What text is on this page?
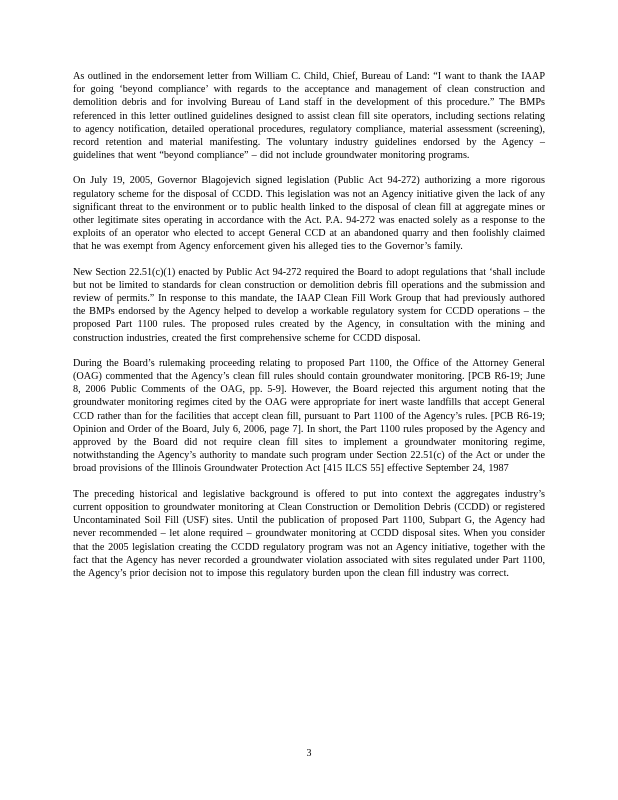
As outlined in the endorsement letter from William C. Child, Chief, Bureau of Land: “I want to thank the IAAP for going ‘beyond compliance’ with regards to the acceptance and management of clean construction and demolition debris and for involving Bureau of Land staff in the development of this procedure.” The BMPs referenced in this letter outlined guidelines designed to assist clean fill site operators, including sections relating to agency notification, detailed operational procedures, regulatory compliance, material assessment (screening), record retention and material manifesting. The voluntary industry guidelines endorsed by the Agency – guidelines that went “beyond compliance” – did not include groundwater monitoring programs.

On July 19, 2005, Governor Blagojevich signed legislation (Public Act 94-272) authorizing a more rigorous regulatory scheme for the disposal of CCDD. This legislation was not an Agency initiative given the lack of any significant threat to the environment or to public health linked to the disposal of clean fill at aggregate mines or other legitimate sites operating in accordance with the Act. P.A. 94-272 was enacted solely as a response to the exploits of an operator who elected to accept General CCD at an abandoned quarry and then foolishly claimed that he was exempt from Agency enforcement given his alleged ties to the Governor’s family.

New Section 22.51(c)(1) enacted by Public Act 94-272 required the Board to adopt regulations that ‘shall include but not be limited to standards for clean construction or demolition debris fill operations and the submission and review of permits.” In response to this mandate, the IAAP Clean Fill Work Group that had previously authored the BMPs endorsed by the Agency helped to develop a workable regulatory system for CCDD operations – the proposed Part 1100 rules. The proposed rules created by the Agency, in consultation with the mining and construction industries, created the first comprehensive scheme for CCDD disposal.

During the Board’s rulemaking proceeding relating to proposed Part 1100, the Office of the Attorney General (OAG) commented that the Agency’s clean fill rules should contain groundwater monitoring. [PCB R6-19; June 8, 2006 Public Comments of the OAG, pp. 5-9]. However, the Board rejected this argument noting that the groundwater monitoring regimes cited by the OAG were appropriate for inert waste landfills that accept General CCD rather than for the facilities that accept clean fill, pursuant to Part 1100 of the Agency’s rules. [PCB R6-19; Opinion and Order of the Board, July 6, 2006, page 7]. In short, the Part 1100 rules proposed by the Agency and approved by the Board did not require clean fill sites to implement a groundwater monitoring regime, notwithstanding the Agency’s authority to mandate such program under Section 22.51(c) of the Act or under the broad provisions of the Illinois Groundwater Protection Act [415 ILCS 55] effective September 24, 1987

The preceding historical and legislative background is offered to put into context the aggregates industry’s current opposition to groundwater monitoring at Clean Construction or Demolition Debris (CCDD) or registered Uncontaminated Soil Fill (USF) sites. Until the publication of proposed Part 1100, Subpart G, the Agency had never recommended – let alone required – groundwater monitoring at CCDD disposal sites. When you consider that the 2005 legislation creating the CCDD regulatory program was not an Agency initiative, together with the fact that the Agency has never recorded a groundwater violation associated with sites regulated under Part 1100, the Agency’s prior decision not to impose this regulatory burden upon the clean fill industry was correct.

3
